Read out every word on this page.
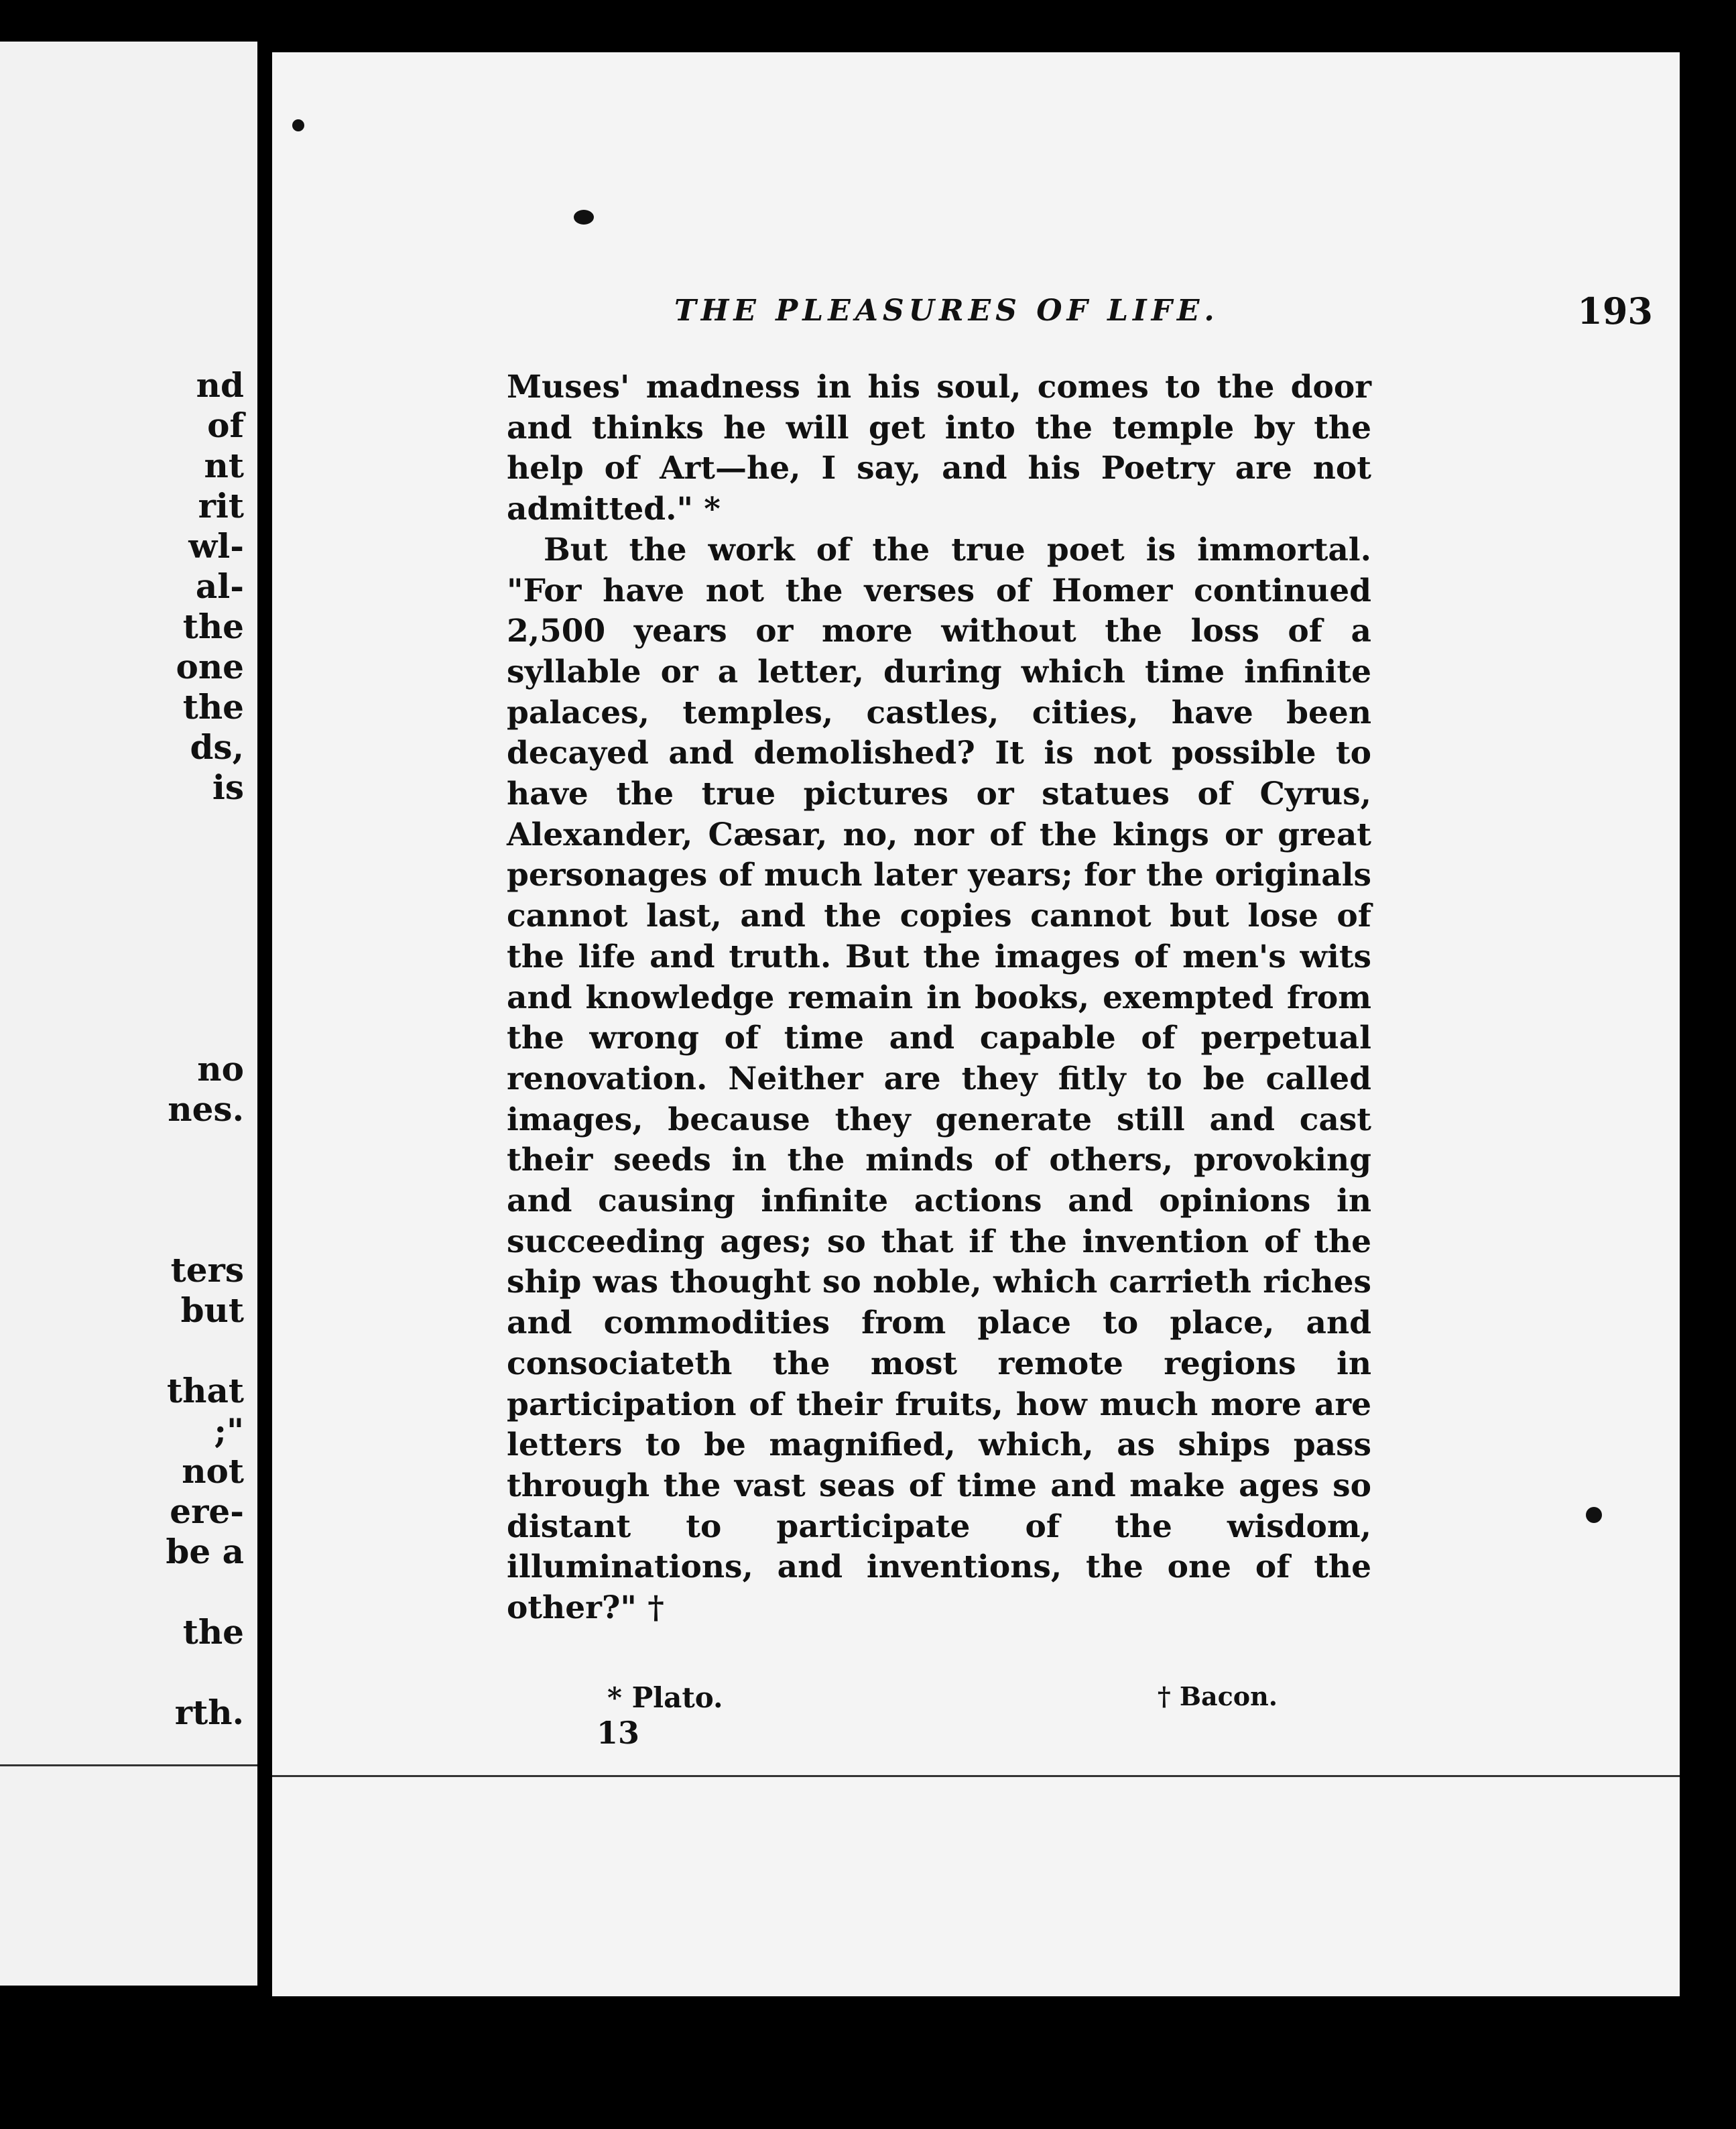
nd
of
nt
rit
wl-
al-
the
one
the
ds,
is
no
nes.
ters
but
that
;"
not
ere-
be a
the
rth.
THE PLEASURES OF LIFE.	193

Muses' madness in his soul, comes to the door and thinks he will get into the temple by the help of Art—he, I say, and his Poetry are not admitted." *

But the work of the true poet is immortal. "For have not the verses of Homer continued 2,500 years or more without the loss of a syllable or a letter, during which time infinite palaces, temples, castles, cities, have been decayed and demolished? It is not possible to have the true pictures or statues of Cyrus, Alexander, Cæsar, no, nor of the kings or great personages of much later years; for the originals cannot last, and the copies cannot but lose of the life and truth. But the images of men's wits and knowledge remain in books, exempted from the wrong of time and capable of perpetual renovation. Neither are they fitly to be called images, because they generate still and cast their seeds in the minds of others, provoking and causing infinite actions and opinions in succeeding ages; so that if the invention of the ship was thought so noble, which carrieth riches and commodities from place to place, and consociateth the most remote regions in participation of their fruits, how much more are letters to be magnified, which, as ships pass through the vast seas of time and make ages so distant to participate of the wisdom, illuminations, and inventions, the one of the other?" †

* Plato.	† Bacon.
13
